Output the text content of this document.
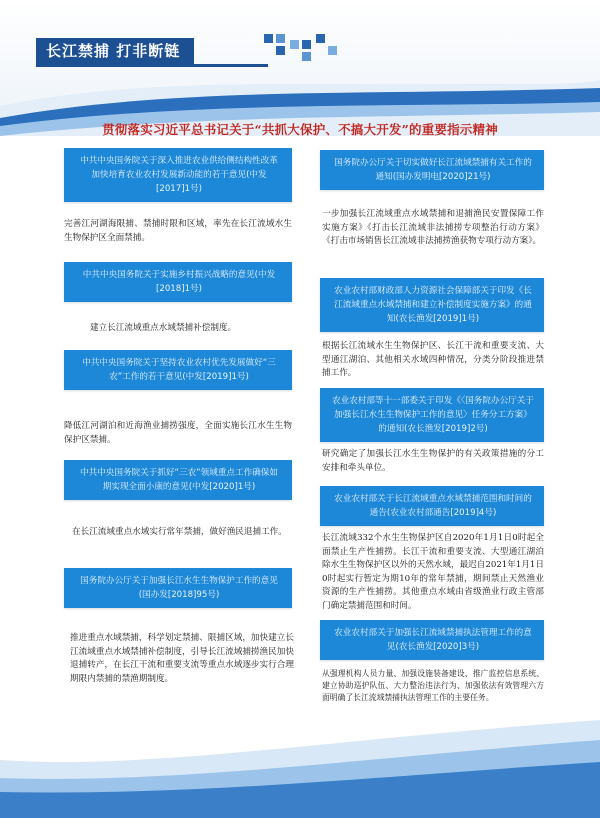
长江禁捕 打非断链
贯彻落实习近平总书记关于“共抓大保护、不搞大开发”的重要指示精神
中共中央国务院关于深入推进农业供给侧结构性改革加快培育农业农村发展新动能的若干意见(中发[2017]1号)
完善江河湖海限捕、禁捕时限和区域，率先在长江流域水生生物保护区全面禁捕。
中共中央国务院关于实施乡村振兴战略的意见(中发[2018]1号)
建立长江流域重点水域禁捕补偿制度。
中共中央国务院关于坚持农业农村优先发展做好“三农”工作的若干意见(中发[2019]1号)
降低江河湖泊和近海渔业捕捞强度，全面实施长江水生生物保护区禁捕。
中共中央国务院关于抓好“三农”领域重点工作确保如期实现全面小康的意见(中发[2020]1号)
在长江流域重点水域实行常年禁捕，做好渔民退捕工作。
国务院办公厅关于加强长江水生生物保护工作的意见(国办发[2018]95号)
推进重点水域禁捕，科学划定禁捕、限捕区域，加快建立长江流域重点水域禁捕补偿制度，引导长江流域捕捞渔民加快退捕转产，在长江干流和重要支流等重点水域逐步实行合理期限内禁捕的禁渔期制度。
国务院办公厅关于切实做好长江流域禁捕有关工作的通知(国办发明电[2020]21号)
一步加强长江流域重点水域禁捕和退捕渔民安置保障工作实施方案》《打击长江流域非法捕捞专项整治行动方案》《打击市场销售长江流域非法捕捞渔获物专项行动方案》。
农业农村部财政部人力资源社会保障部关于印发《长江流域重点水域禁捕和建立补偿制度实施方案》的通知(农长渔发[2019]1号)
根据长江流域水生生物保护区、长江干流和重要支流、大型通江湖泊、其他相关水域四种情况，分类分阶段推进禁捕工作。
农业农村部等十一部委关于印发《〈国务院办公厅关于加强长江水生生物保护工作的意见〉任务分工方案》的通知(农长渔发[2019]2号)
研究确定了加强长江水生生物保护的有关政策措施的分工安排和牵头单位。
农业农村部关于长江流域重点水域禁捕范围和时间的通告(农业农村部通告[2019]4号)
长江流域332个水生生物保护区自2020年1月1日0时起全面禁止生产性捕捞。长江干流和重要支流、大型通江湖泊除水生生物保护区以外的天然水域，最迟自2021年1月1日0时起实行暂定为期10年的常年禁捕，期间禁止天然渔业资源的生产性捕捞。其他重点水域由省级渔业行政主管部门确定禁捕范围和时间。
农业农村部关于加强长江流域禁捕执法管理工作的意见(农长渔发[2020]3号)
从强理机构人员力量、加强设施装备建设、推广监控信息系统、建立协助巡护队伍、大力整治违法行为、加强依法有效管理六方面明确了长江流域禁捕执法管理工作的主要任务。
